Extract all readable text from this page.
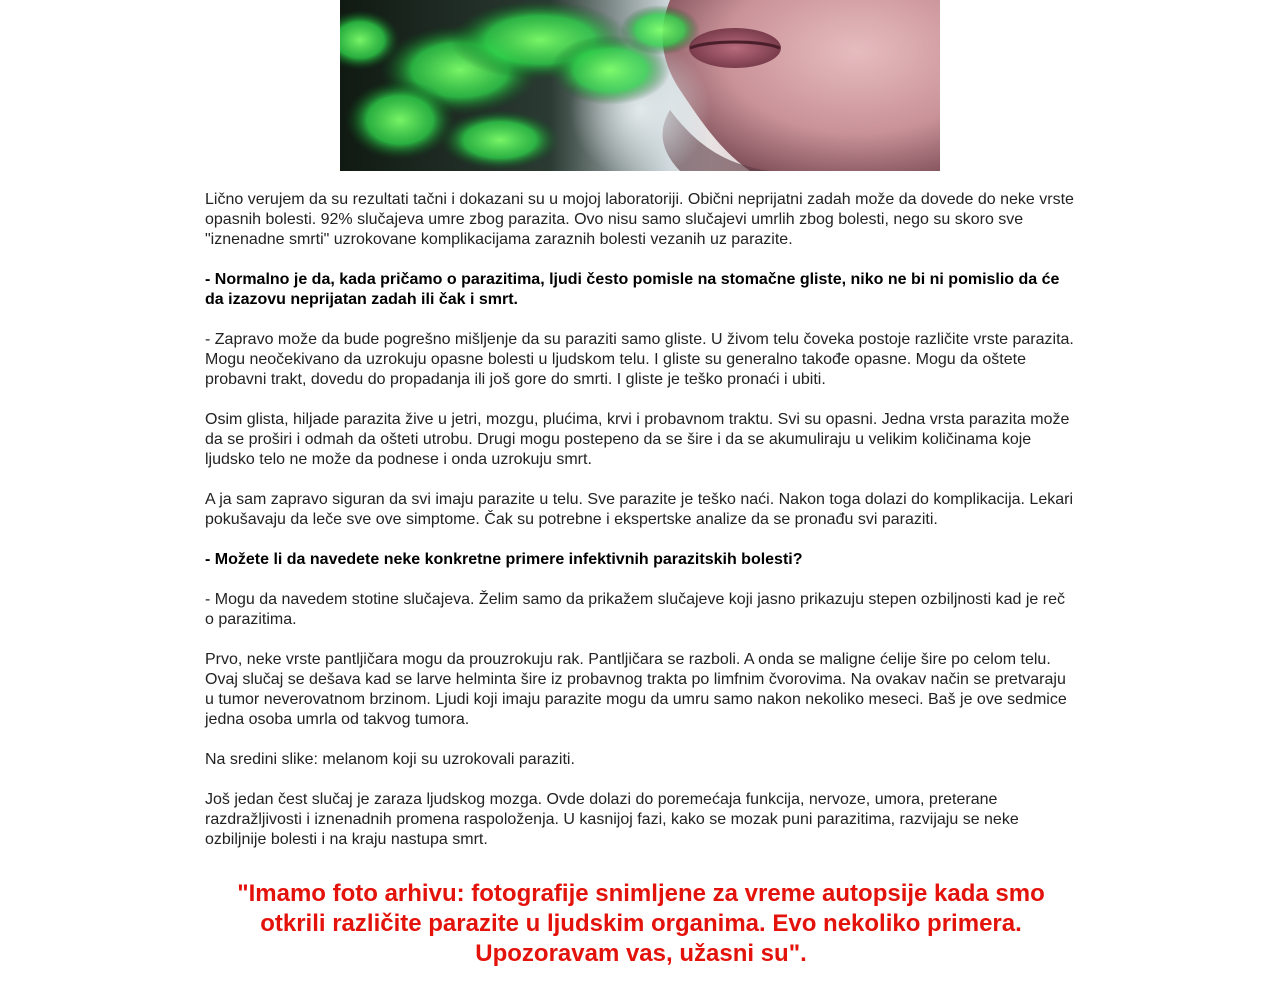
Lično verujem da su rezultati tačni i dokazani su u mojoj laboratoriji. Obični neprijatni zadah može da dovede do neke vrste opasnih bolesti. 92% slučajeva umre zbog parazita. Ovo nisu samo slučajevi umrlih zbog bolesti, nego su skoro sve "iznenadne smrti" uzrokovane komplikacijama zaraznih bolesti vezanih uz parazite.

- Normalno je da, kada pričamo o parazitima, ljudi često pomisle na stomačne gliste, niko ne bi ni pomislio da će da izazovu neprijatan zadah ili čak i smrt.

- Zapravo može da bude pogrešno mišljenje da su paraziti samo gliste. U živom telu čoveka postoje različite vrste parazita. Mogu neočekivano da uzrokuju opasne bolesti u ljudskom telu. I gliste su generalno takođe opasne. Mogu da oštete probavni trakt, dovedu do propadanja ili još gore do smrti. I gliste je teško pronaći i ubiti.

Osim glista, hiljade parazita žive u jetri, mozgu, plućima, krvi i probavnom traktu. Svi su opasni. Jedna vrsta parazita može da se proširi i odmah da ošteti utrobu. Drugi mogu postepeno da se šire i da se akumuliraju u velikim količinama koje ljudsko telo ne može da podnese i onda uzrokuju smrt.

A ja sam zapravo siguran da svi imaju parazite u telu. Sve parazite je teško naći. Nakon toga dolazi do komplikacija. Lekari pokušavaju da leče sve ove simptome. Čak su potrebne i ekspertske analize da se pronađu svi paraziti.

- Možete li da navedete neke konkretne primere infektivnih parazitskih bolesti?

- Mogu da navedem stotine slučajeva. Želim samo da prikažem slučajeve koji jasno prikazuju stepen ozbiljnosti kad je reč o parazitima.

Prvo, neke vrste pantljičara mogu da prouzrokuju rak. Pantljičara se razboli. A onda se maligne ćelije šire po celom telu. Ovaj slučaj se dešava kad se larve helminta šire iz probavnog trakta po limfnim čvorovima. Na ovakav način se pretvaraju u tumor neverovatnom brzinom. Ljudi koji imaju parazite mogu da umru samo nakon nekoliko meseci. Baš je ove sedmice jedna osoba umrla od takvog tumora.

Na sredini slike: melanom koji su uzrokovali paraziti.

Još jedan čest slučaj je zaraza ljudskog mozga. Ovde dolazi do poremećaja funkcija, nervoze, umora, preterane razdražljivosti i iznenadnih promena raspoloženja. U kasnijoj fazi, kako se mozak puni parazitima, razvijaju se neke ozbiljnije bolesti i na kraju nastupa smrt.

"Imamo foto arhivu: fotografije snimljene za vreme autopsije kada smo otkrili različite parazite u ljudskim organima. Evo nekoliko primera. Upozoravam vas, užasni su".
